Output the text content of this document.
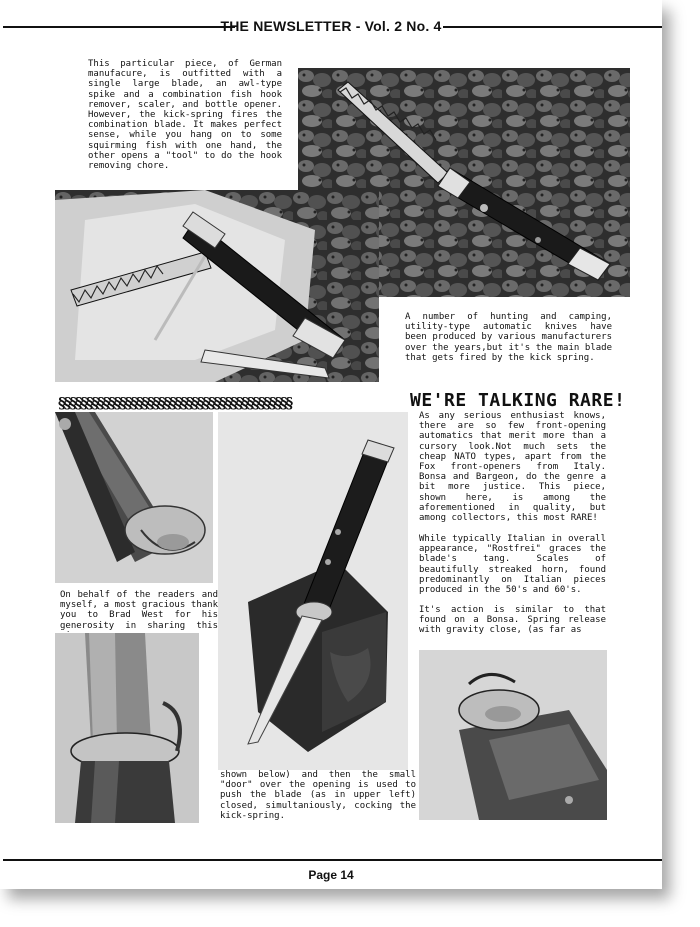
THE NEWSLETTER - Vol. 2 No. 4
This particular piece, of German manufacure, is outfitted with a single large blade, an awl-type spike and a combination fish hook remover, scaler, and bottle opener. However, the kick-spring fires the combination blade. It makes perfect sense, while you hang on to some squirming fish with one hand, the other opens a "tool" to do the hook removing chore.
A number of hunting and camping, utility-type automatic knives have been produced by various manufacturers over the years,but it's the main blade that gets fired by the kick spring.
§§§§§§§§§§§§§§§§§§§§§§§§§§§§§§§§§§§§§§§§§§	WE'RE TALKING RARE!
As any serious enthusiast knows, there are so few front-opening automatics that merit more than a cursory look.Not much sets the cheap NATO types, apart from the Fox front-openers from Italy. Bonsa and Bargeon, do the genre a bit more justice. This piece, shown here, is among the aforementioned in quality, but among collectors, this most RARE!
While typically Italian in overall appearance, "Rostfrei" graces the blade's tang. Scales of beautifully streaked horn, found predominantly on Italian pieces produced in the 50's and 60's.
It's action is similar to that found on a Bonsa. Spring release with gravity close, (as far as
On behalf of the readers and myself, a most gracious thank you to Brad West for his generosity in sharing this
shown below) and then the small "door" over the opening is used to push the blade (as in upper left) closed, simultaniously, cocking the kick-spring.
Page 14
